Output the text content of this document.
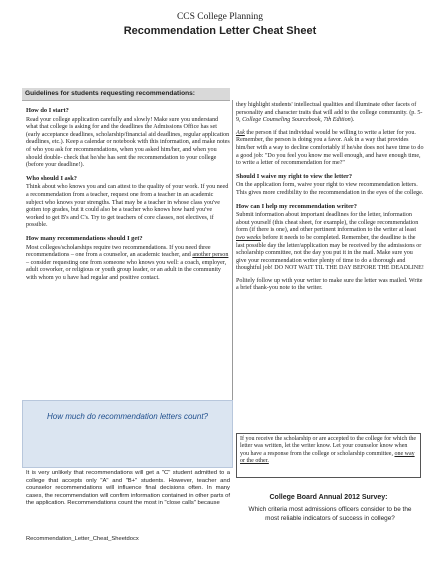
CCS College Planning
Recommendation Letter Cheat Sheet
Guidelines for students requesting recommendations:
How do I start?
Read your college application carefully and slowly! Make sure you understand what that college is asking for and the deadlines the Admissions Office has set (early acceptance deadlines, scholarship/financial aid deadlines, regular application deadlines, etc.). Keep a calendar or notebook with this information, and make notes of who you ask for recommendations, when you asked him/her, and when you should double- check that he/she has sent the recommendation to your college (before your deadline!).
Who should I ask?
Think about who knows you and can attest to the quality of your work. If you need a recommendation from a teacher, request one from a teacher in an academic subject who knows your strengths. That may be a teacher in whose class you've gotten top grades, but it could also be a teacher who knows how hard you've worked to get B's and C's. Try to get teachers of core classes, not electives, if possible.
How many recommendations should I get?
Most colleges/scholarships require two recommendations. If you need three recommendations – one from a counselor, an academic teacher, and another person – consider requesting one from someone who knows you well: a coach, employer, adult coworker, or religious or youth group leader, or an adult in the community with whom yo u have had regular and positive contact.
they highlight students' intellectual qualities and illuminate other facets of personality and character traits that will add to the college community. (p. 5-9, College Counseling Sourcebook, 7th Edition).
Ask the person if that individual would be willing to write a letter for you. Remember, the person is doing you a favor. Ask in a way that provides him/her with a way to decline comfortably if he/she does not have time to do a good job: "Do you feel you know me well enough, and have enough time, to write a letter of recommendation for me?"
Should I waive my right to view the letter?
On the application form, waive your right to view recommendation letters. This gives more credibility to the recommendation in the eyes of the college.
How can I help my recommendation writer?
Submit information about important deadlines for the letter, information about yourself (this cheat sheet, for example), the college recommendation form (if there is one), and other pertinent information to the writer at least two weeks before it needs to be completed. Remember, the deadline is the last possible day the letter/application may be received by the admissions or scholarship committee, not the day you put it in the mail. Make sure you give your recommendation writer plenty of time to do a thorough and thoughtful job! DO NOT WAIT TIL THE DAY BEFORE THE DEADLINE!
Politely follow up with your writer to make sure the letter was mailed. Write a brief thank-you note to the writer.
How much do recommendation letters count?
It is very unlikely that recommendations will get a "C" student admitted to a college that accepts only "A" and "B+" students. However, teacher and counselor recommendations will influence final decisions often. In many cases, the recommendation will confirm information contained in other parts of the application. Recommendations count the most in "close calls" because
If you receive the scholarship or are accepted to the college for which the letter was written, let the writer know. Let your counselor know when you have a response from the college or scholarship committee, one way or the other.
College Board Annual 2012 Survey:
Which criteria most admissions officers consider to be the most reliable indicators of success in college?
Recommendation_Letter_Cheat_Sheetdocx
